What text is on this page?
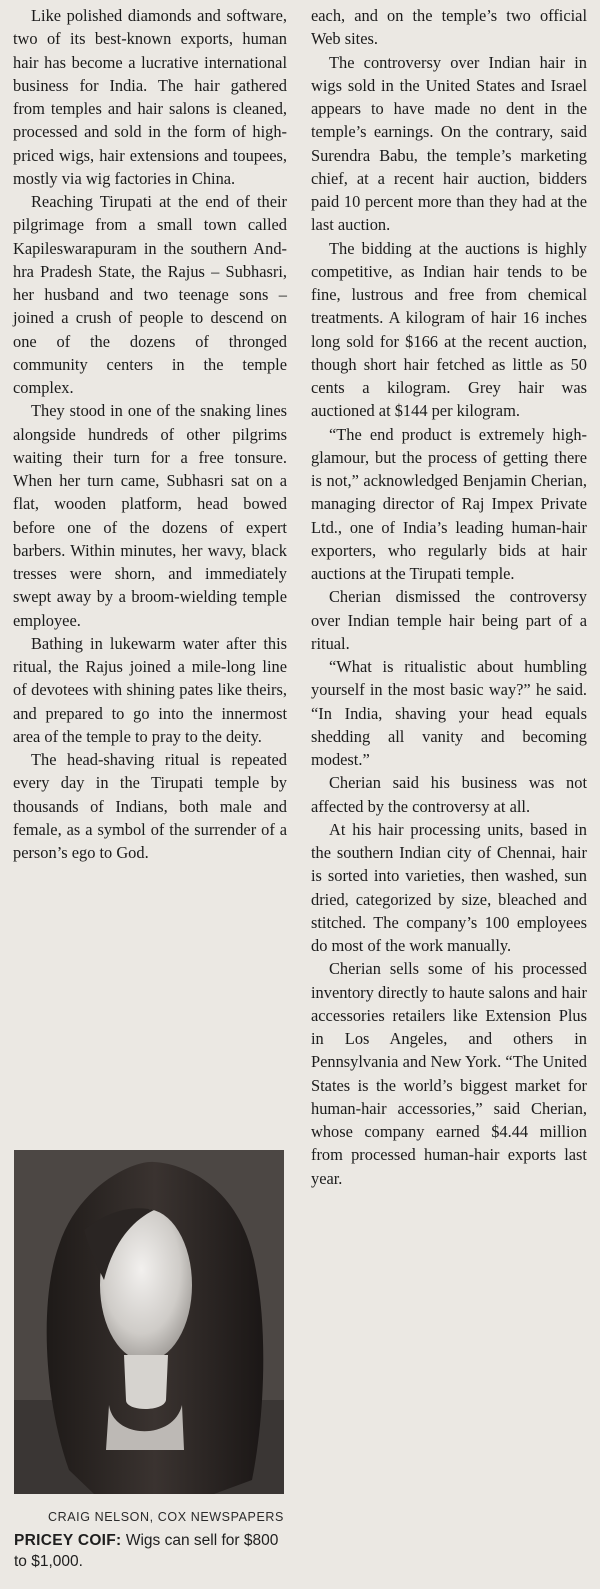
Like polished diamonds and software, two of its best-known exports, human hair has become a lucrative international business for India. The hair gathered from temples and hair salons is cleaned, processed and sold in the form of high-priced wigs, hair extensions and toupees, mostly via wig factories in China.

Reaching Tirupati at the end of their pilgrimage from a small town called Kapileswarapuram in the southern Andhra Pradesh State, the Rajus – Subhasri, her husband and two teenage sons – joined a crush of people to descend on one of the dozens of thronged community centers in the temple complex.

They stood in one of the snaking lines alongside hundreds of other pilgrims waiting their turn for a free tonsure. When her turn came, Subhasri sat on a flat, wooden platform, head bowed before one of the dozens of expert barbers. Within minutes, her wavy, black tresses were shorn, and immediately swept away by a broom-wielding temple employee.

Bathing in lukewarm water after this ritual, the Rajus joined a mile-long line of devotees with shining pates like theirs, and prepared to go into the innermost area of the temple to pray to the deity.

The head-shaving ritual is repeated every day in the Tirupati temple by thousands of Indians, both male and female, as a symbol of the surrender of a person’s ego to God.

CRAIG NELSON, COX NEWSPAPERS
PRICEY COIF: Wigs can sell for $800 to $1,000.

each, and on the temple’s two official Web sites.

The controversy over Indian hair in wigs sold in the United States and Israel appears to have made no dent in the temple’s earnings. On the contrary, said Surendra Babu, the temple’s marketing chief, at a recent hair auction, bidders paid 10 percent more than they had at the last auction.

The bidding at the auctions is highly competitive, as Indian hair tends to be fine, lustrous and free from chemical treatments. A kilogram of hair 16 inches long sold for $166 at the recent auction, though short hair fetched as little as 50 cents a kilogram. Grey hair was auctioned at $144 per kilogram.

“The end product is extremely high-glamour, but the process of getting there is not,” acknowledged Benjamin Cherian, managing director of Raj Impex Private Ltd., one of India’s leading human-hair exporters, who regularly bids at hair auctions at the Tirupati temple.

Cherian dismissed the controversy over Indian temple hair being part of a ritual.

“What is ritualistic about humbling yourself in the most basic way?” he said. “In India, shaving your head equals shedding all vanity and becoming modest.”

Cherian said his business was not affected by the controversy at all.

At his hair processing units, based in the southern Indian city of Chennai, hair is sorted into varieties, then washed, sun dried, categorized by size, bleached and stitched. The company’s 100 employees do most of the work manually.

Cherian sells some of his processed inventory directly to haute salons and hair accessories retailers like Extension Plus in Los Angeles, and others in Pennsylvania and New York. “The United States is the world’s biggest market for human-hair accessories,” said Cherian, whose company earned $4.44 million from processed human-hair exports last year.
